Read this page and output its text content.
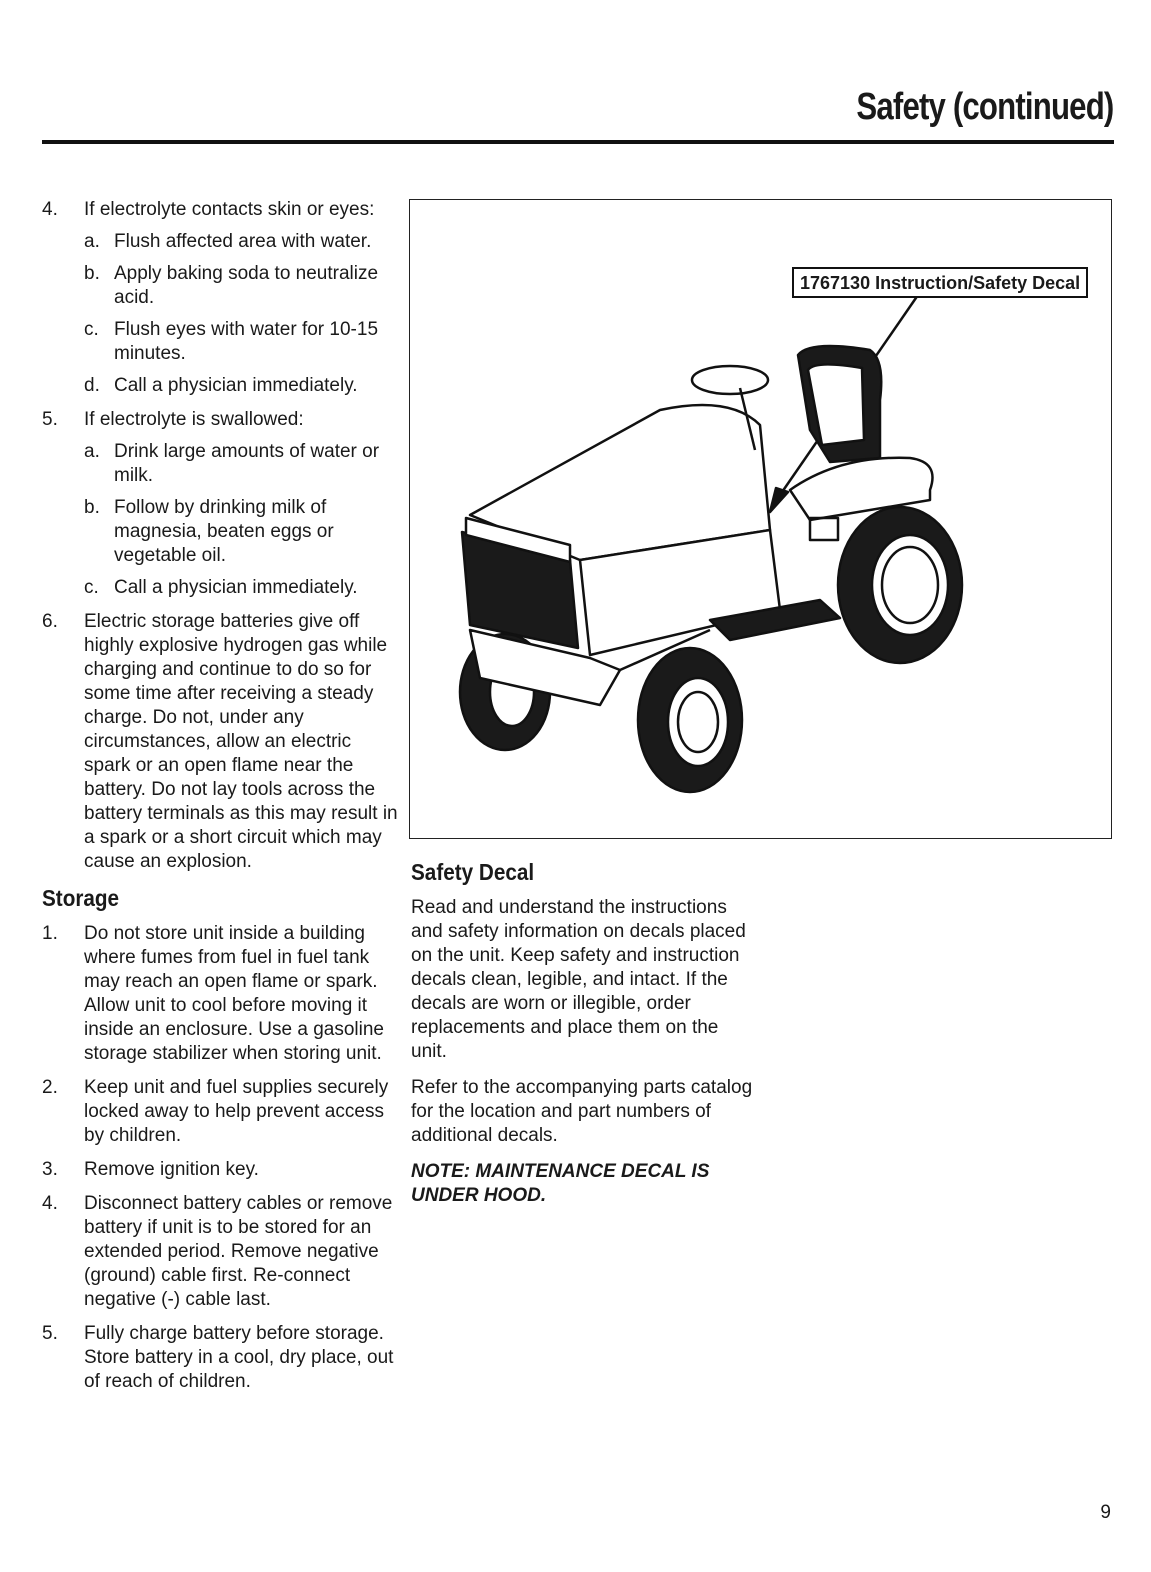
Safety (continued)
4. If electrolyte contacts skin or eyes:
a. Flush affected area with water.
b. Apply baking soda to neutralize acid.
c. Flush eyes with water for 10-15 minutes.
d. Call a physician immediately.
5. If electrolyte is swallowed:
a. Drink large amounts of water or milk.
b. Follow by drinking milk of magnesia, beaten eggs or vegetable oil.
c. Call a physician immediately.
6. Electric storage batteries give off highly explosive hydrogen gas while charging and continue to do so for some time after receiving a steady charge. Do not, under any circumstances, allow an electric spark or an open flame near the battery. Do not lay tools across the battery terminals as this may result in a spark or a short circuit which may cause an explosion.
Storage
1. Do not store unit inside a building where fumes from fuel in fuel tank may reach an open flame or spark. Allow unit to cool before moving it inside an enclosure. Use a gasoline storage stabilizer when storing unit.
2. Keep unit and fuel supplies securely locked away to help prevent access by children.
3. Remove ignition key.
4. Disconnect battery cables or remove battery if unit is to be stored for an extended period. Remove negative (ground) cable first. Re-connect negative (-) cable last.
5. Fully charge battery before storage. Store battery in a cool, dry place, out of reach of children.
1767130 Instruction/Safety Decal
Safety Decal

Read and understand the instructions and safety information on decals placed on the unit. Keep safety and instruction decals clean, legible, and intact. If the decals are worn or illegible, order replacements and place them on the unit.

Refer to the accompanying parts catalog for the location and part numbers of additional decals.

NOTE: MAINTENANCE DECAL IS UNDER HOOD.

9
